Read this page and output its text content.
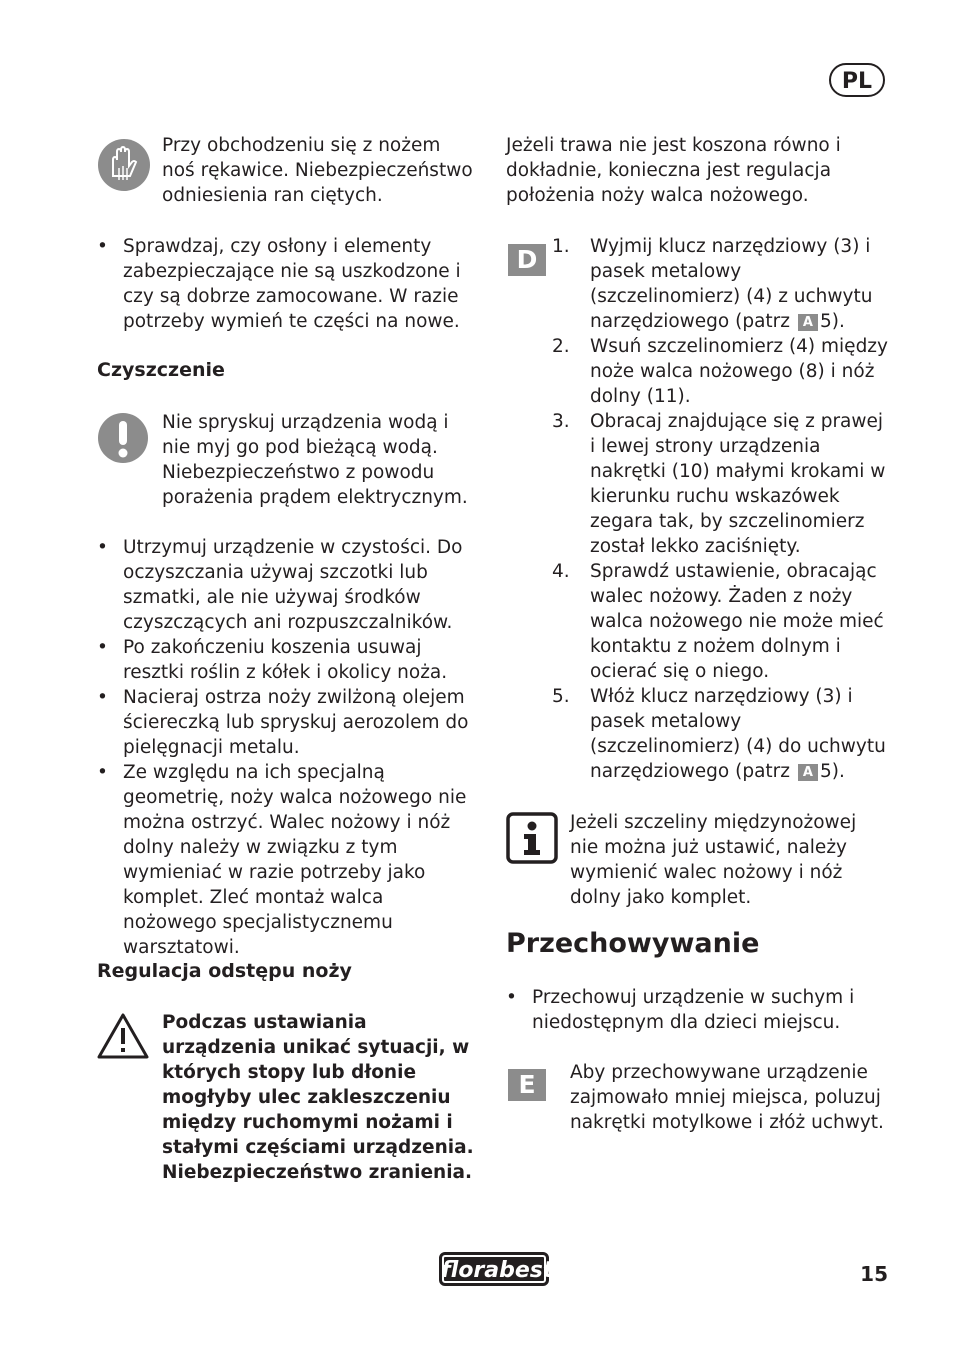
PL

Przy obchodzeniu się z nożem noś rękawice. Niebezpieczeństwo odniesienia ran ciętych.

• Sprawdzaj, czy osłony i elementy zabezpieczające nie są uszkodzone i czy są dobrze zamocowane. W razie potrzeby wymień te części na nowe.
Czyszczenie

Nie spryskuj urządzenia wodą i nie myj go pod bieżącą wodą. Niebezpieczeństwo z powodu porażenia prądem elektrycznym.

• Utrzymuj urządzenie w czystości. Do oczyszczania używaj szczotki lub szmatki, ale nie używaj środków czyszczących ani rozpuszczalników.
• Po zakończeniu koszenia usuwaj resztki roślin z kółek i okolicy noża.
• Nacieraj ostrza noży zwilżoną olejem ściereczką lub spryskuj aerozolem do pielęgnacji metalu.
• Ze względu na ich specjalną geometrię, noży walca nożowego nie można ostrzyć. Walec nożowy i nóż dolny należy w związku z tym wymieniać w razie potrzeby jako komplet. Zleć montaż walca nożowego specjalistycznemu warsztatowi.
Regulacja odstępu noży

Podczas ustawiania urządzenia unikać sytuacji, w których stopy lub dłonie mogłyby ulec zakleszczeniu między ruchomymi nożami i stałymi częściami urządzenia. Niebezpieczeństwo zranienia.

Jeżeli trawa nie jest koszona równo i dokładnie, konieczna jest regulacja położenia noży walca nożowego.

D 1.	Wyjmij klucz narzędziowy (3) i pasek metalowy (szczelinomierz) (4) z uchwytu narzędziowego (patrz A 5).
2.	Wsuń szczelinomierz (4) między noże walca nożowego (8) i nóż dolny (11).
3.	Obracaj znajdujące się z prawej i lewej strony urządzenia nakrętki (10) małymi krokami w kierunku ruchu wskazówek zegara tak, by szczelinomierz został lekko zaciśnięty.
4.	Sprawdź ustawienie, obracając walec nożowy. Żaden z noży walca nożowego nie może mieć kontaktu z nożem dolnym i ocierać się o niego.
5.	Włóż klucz narzędziowy (3) i pasek metalowy (szczelinomierz) (4) do uchwytu narzędziowego (patrz A 5).

Jeżeli szczeliny międzynożowej nie można już ustawić, należy wymienić walec nożowy i nóż dolny jako komplet.

Przechowywanie
• Przechowuj urządzenie w suchym i niedostępnym dla dzieci miejscu.
E	Aby przechowywane urządzenie zajmowało mniej miejsca, poluzuj nakrętki motylkowe i złóż uchwyt.

florabest	15
